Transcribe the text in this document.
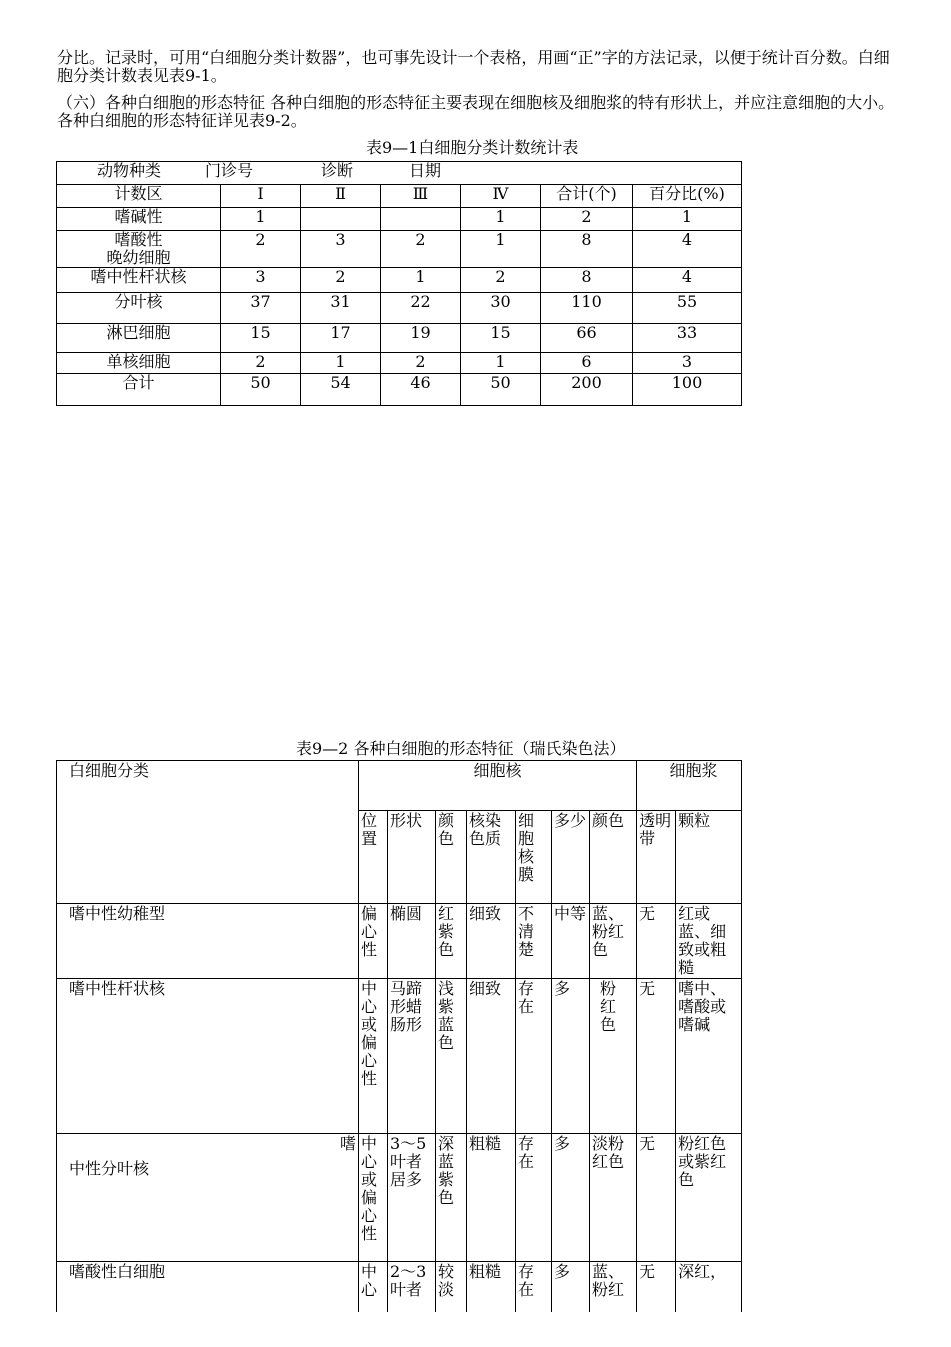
分比。记录时，可用“白细胞分类计数器”，也可事先设计一个表格，用画“正”字的方法记录，以便于统计百分数。白细胞分类计数表见表9-1。

（六）各种白细胞的形态特征 各种白细胞的形态特征主要表现在细胞核及细胞浆的特有形状上，并应注意细胞的大小。各种白细胞的形态特征详见表9-2。

表9—1白细胞分类计数统计表

动物种类 门诊号 诊断 日期						
计数区	Ⅰ	Ⅱ	Ⅲ	Ⅳ	合计(个)	百分比(%)
嗜碱性	1			1	2	1
嗜酸性
晚幼细胞	2	3	2	1	8	4
嗜中性杆状核	3	2	1	2	8	4
分叶核	37	31	22	30	110	55
淋巴细胞	15	17	19	15	66	33
单核细胞	2	1	2	1	6	3
合计	50	54	46	50	200	100

表9—2 各种白细胞的形态特征（瑞氏染色法）

白细胞分类	细胞核							细胞浆	

	位置	形状	颜色	核染色质	细胞核膜	多少	颜色	透明带	颗粒
嗜中性幼稚型	偏心性	椭圆	红紫色	细致	不清楚	中等	蓝、粉红色	无	红或蓝、细致或粗糙
嗜中性杆状核	中心或偏心性	马蹄形蜡肠形	浅紫蓝色	细致	存在	多	粉红色	无	嗜中、嗜酸或嗜碱

嗜
中性分叶核	中心或偏心性	3～5叶者居多	深蓝紫色	粗糙	存在	多	淡粉红色	无	粉红色或紫红色
嗜酸性白细胞	中心	2～3叶者	较淡	粗糙	存在	多	蓝、粉红	无	深红，
